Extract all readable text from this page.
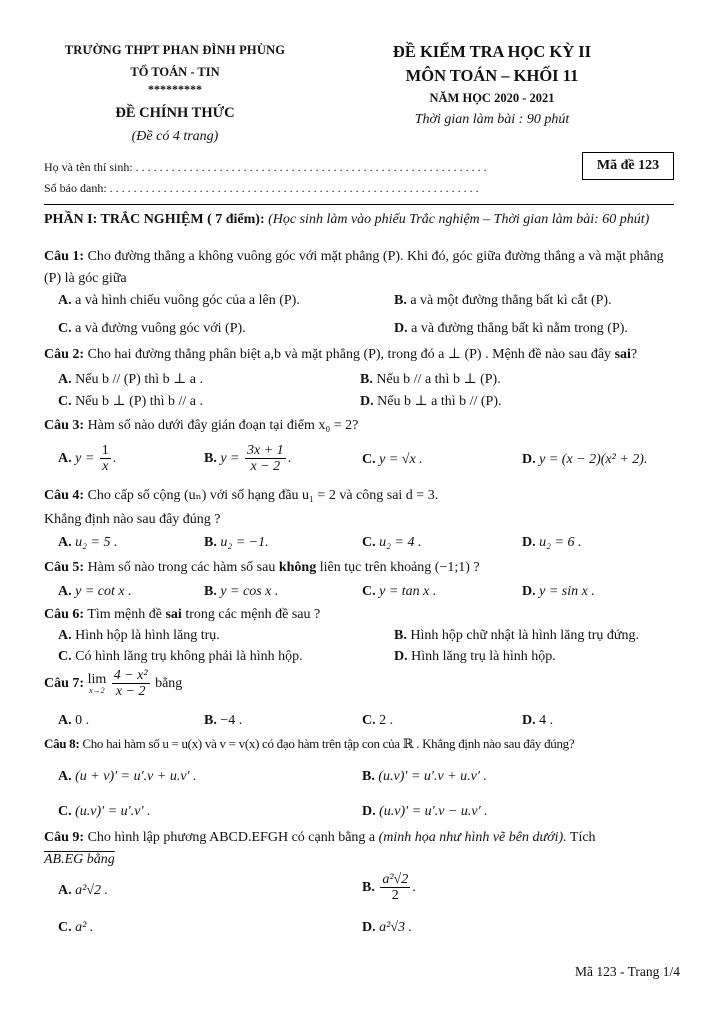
TRƯỜNG THPT PHAN ĐÌNH PHÙNG
TỔ TOÁN - TIN
*********
ĐỀ CHÍNH THỨC
(Đề có 4 trang)
ĐỀ KIỂM TRA HỌC KỲ II
MÔN TOÁN – KHỐI 11
NĂM HỌC 2020 - 2021
Thời gian làm bài : 90 phút
Họ và tên thí sinh: . . . . . . . . . . . . . . . . . . . . . . . . . . . . . . . . . . . . . . . . . . . . . . . . . . . . . . . . . . .
Số báo danh: . . . . . . . . . . . . . . . . . . . . . . . . . . . . . . . . . . . . . . . . . . . . . . . . . . . . . . . . . . . . . .
Mã đề 123
PHẦN I: TRẮC NGHIỆM ( 7 điểm): (Học sinh làm vào phiếu Trắc nghiệm – Thời gian làm bài: 60 phút)
Câu 1: Cho đường thẳng a không vuông góc với mặt phẳng (P). Khi đó, góc giữa đường thẳng a và mặt phẳng (P) là góc giữa
A. a và hình chiếu vuông góc của a lên (P).	B. a và một đường thẳng bất kì cắt (P).
C. a và đường vuông góc với (P).	D. a và đường thẳng bất kì nằm trong (P).
Câu 2: Cho hai đường thẳng phân biệt a,b và mặt phẳng (P), trong đó a ⊥ (P) . Mệnh đề nào sau đây sai?
A. Nếu b // (P) thì b ⊥ a .	B. Nếu b // a thì b ⊥ (P).
C. Nếu b ⊥ (P) thì b // a .	D. Nếu b ⊥ a thì b // (P).
Câu 3: Hàm số nào dưới đây gián đoạn tại điểm x₀ = 2?
A. $y = \frac{1}{x}$ .	B. $y = \frac{3x + 1}{x - 2}$ .	C. y = √x .	D. y = (x − 2)(x² + 2).
Câu 4: Cho cấp số cộng (uₙ) với số hạng đầu u₁ = 2 và công sai d = 3.
Khẳng định nào sau đây đúng ?
A. u₂ = 5 .	B. u₂ = −1.	C. u₂ = 4 .	D. u₂ = 6 .
Câu 5: Hàm số nào trong các hàm số sau không liên tục trên khoảng (−1;1) ?
A. y = cot x .	B. y = cos x .	C. y = tan x .	D. y = sin x .
Câu 6: Tìm mệnh đề sai trong các mệnh đề sau ?
A. Hình hộp là hình lăng trụ.	B. Hình hộp chữ nhật là hình lăng trụ đứng.
C. Có hình lăng trụ không phải là hình hộp.	D. Hình lăng trụ là hình hộp.
Câu 7: lim
x→2
$\frac{\text{4 − x²}}{x - 2}$ bằng
A. 0 .	B. −4 .	C. 2 .	D. 4 .
Câu 8: Cho hai hàm số u = u(x) và v = v(x) có đạo hàm trên tập con của ℝ . Khẳng định nào sau đây đúng?
A. (u + v)′ = u′.v + u.v′ .	B. (u.v)′ = u′.v + u.v′ .
C. (u.v)′ = u′.v′ .	D. (u.v)′ = u′.v − u.v′ .
Câu 9: Cho hình lập phương ABCD.EFGH có cạnh bằng a (minh họa như hình vẽ bên dưới). Tích
AB.EG bằng
A. a²√2 .	B. $\frac{\text{a²√2}}{2}$ .
C. a² .	D. a²√3 .
Mã 123 - Trang 1/4
